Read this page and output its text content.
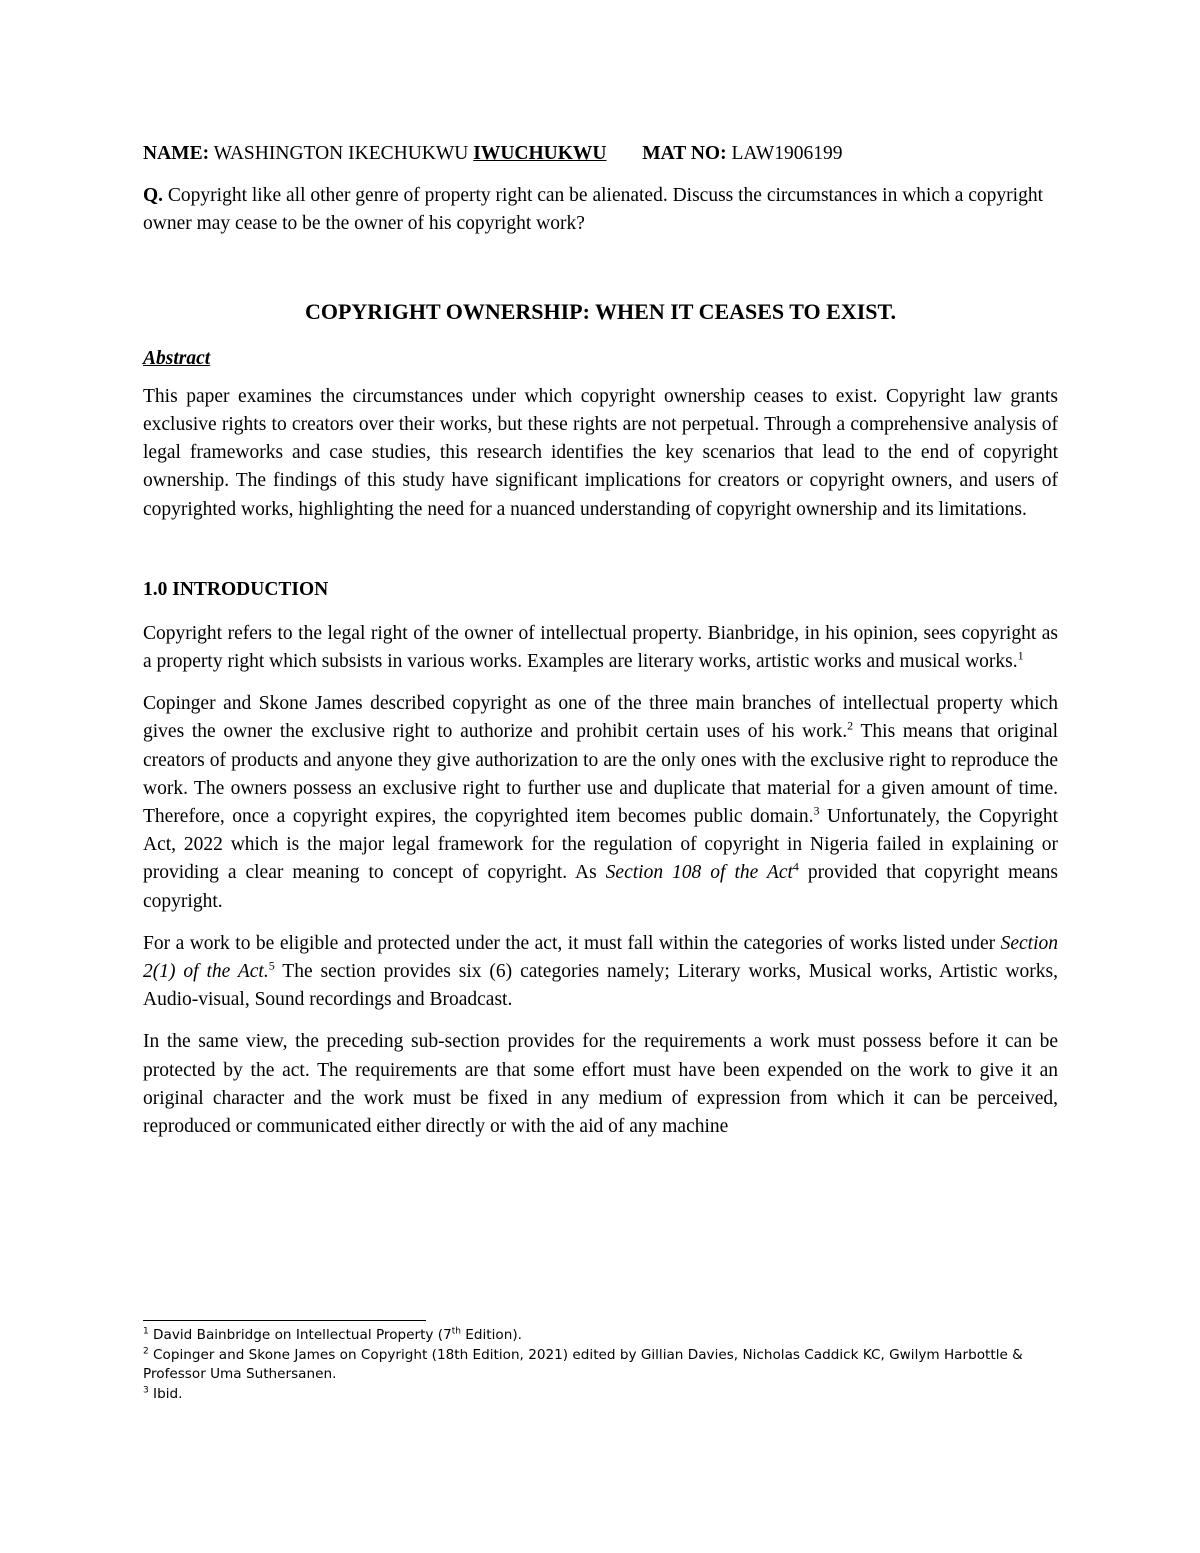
NAME: WASHINGTON IKECHUKWU IWUCHUKWU MAT NO: LAW1906199

Q. Copyright like all other genre of property right can be alienated. Discuss the circumstances in which a copyright owner may cease to be the owner of his copyright work?

COPYRIGHT OWNERSHIP: WHEN IT CEASES TO EXIST.
Abstract

This paper examines the circumstances under which copyright ownership ceases to exist. Copyright law grants exclusive rights to creators over their works, but these rights are not perpetual. Through a comprehensive analysis of legal frameworks and case studies, this research identifies the key scenarios that lead to the end of copyright ownership. The findings of this study have significant implications for creators or copyright owners, and users of copyrighted works, highlighting the need for a nuanced understanding of copyright ownership and its limitations.

1.0 INTRODUCTION

Copyright refers to the legal right of the owner of intellectual property. Bianbridge, in his opinion, sees copyright as a property right which subsists in various works. Examples are literary works, artistic works and musical works.$^1$

Copinger and Skone James described copyright as one of the three main branches of intellectual property which gives the owner the exclusive right to authorize and prohibit certain uses of his work.$^2$ This means that original creators of products and anyone they give authorization to are the only ones with the exclusive right to reproduce the work. The owners possess an exclusive right to further use and duplicate that material for a given amount of time. Therefore, once a copyright expires, the copyrighted item becomes public domain.$^3$ Unfortunately, the Copyright Act, 2022 which is the major legal framework for the regulation of copyright in Nigeria failed in explaining or providing a clear meaning to concept of copyright. As Section 108 of the Act$^4$ provided that copyright means copyright.

For a work to be eligible and protected under the act, it must fall within the categories of works listed under Section 2(1) of the Act.$^5$ The section provides six (6) categories namely; Literary works, Musical works, Artistic works, Audio-visual, Sound recordings and Broadcast.

In the same view, the preceding sub-section provides for the requirements a work must possess before it can be protected by the act. The requirements are that some effort must have been expended on the work to give it an original character and the work must be fixed in any medium of expression from which it can be perceived, reproduced or communicated either directly or with the aid of any machine

$^1$ David Bainbridge on Intellectual Property (7th Edition).

$^2$ Copinger and Skone James on Copyright (18th Edition, 2021) edited by Gillian Davies, Nicholas Caddick KC, Gwilym Harbottle & Professor Uma Suthersanen.

$^3$ Ibid.
